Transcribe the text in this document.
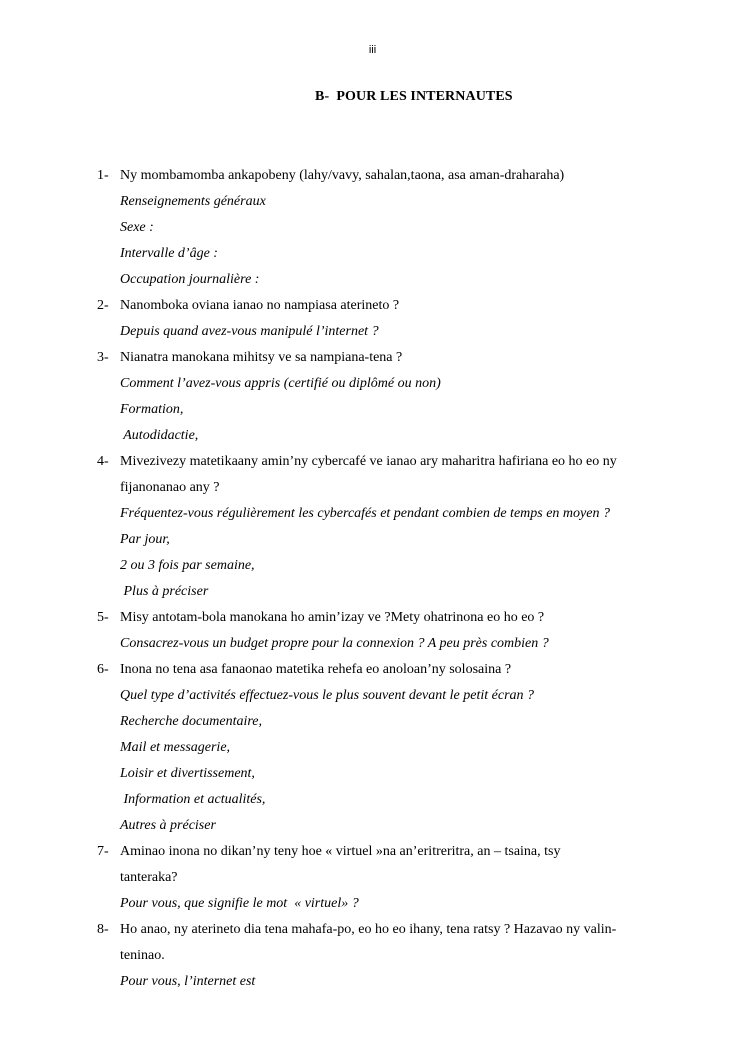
iii
B-  POUR LES INTERNAUTES
1- Ny mombamomba ankapobeny (lahy/vavy, sahalan,taona, asa aman-draharaha)
Renseignements généraux
Sexe :
Intervalle d’âge :
Occupation journalière :
2- Nanomboka oviana ianao no nampiasa aterineto ?
Depuis quand avez-vous manipulé l’internet ?
3- Nianatra manokana mihitsy ve sa nampiana-tena ?
Comment l’avez-vous appris (certifié ou diplômé ou non)
Formation,
Autodidactie,
4- Mivezivezy matetikaany amin’ny cybercafé ve ianao ary maharitra hafiriana eo ho eo ny
fijanonanao any ?
Fréquentez-vous régulièrement les cybercafés et pendant combien de temps en moyen ?
Par jour,
2 ou 3 fois par semaine,
Plus à préciser
5- Misy antotam-bola manokana ho amin’izay ve ?Mety ohatrinona eo ho eo ?
Consacrez-vous un budget propre pour la connexion ? A peu près combien ?
6- Inona no tena asa fanaonao matetika rehefa eo anoloan’ny solosaina ?
Quel type d’activités effectuez-vous le plus souvent devant le petit écran ?
Recherche documentaire,
Mail et messagerie,
Loisir et divertissement,
Information et actualités,
Autres à préciser
7- Aminao inona no dikan’ny teny hoe « virtuel »na an’eritreritra, an – tsaina, tsy
tanteraka?
Pour vous, que signifie le mot  « virtuel» ?
8- Ho anao, ny aterineto dia tena mahafa-po, eo ho eo ihany, tena ratsy ? Hazavao ny valin-
teninao.
Pour vous, l’internet est
